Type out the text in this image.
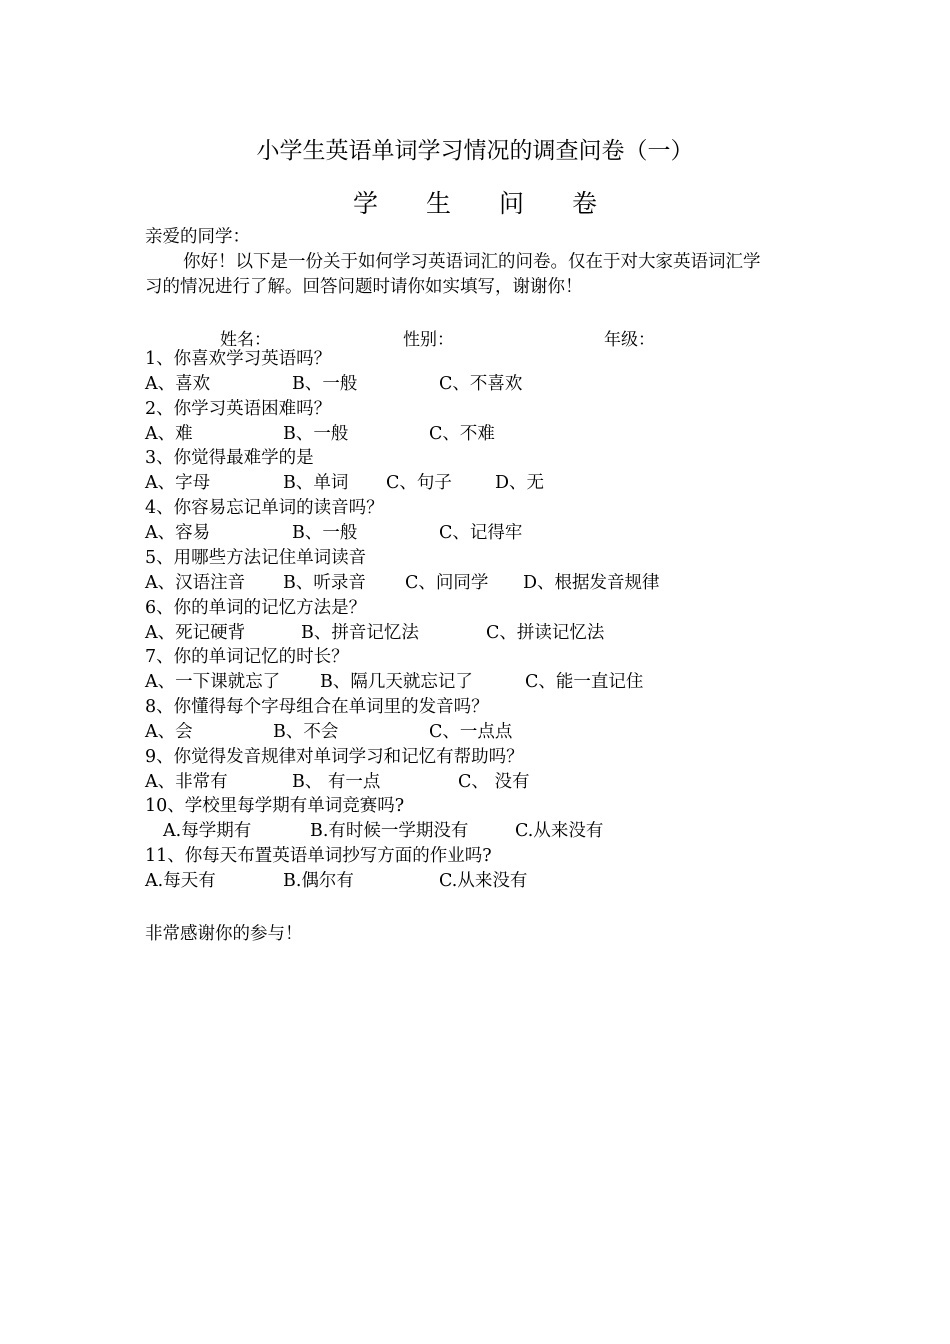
小学生英语单词学习情况的调查问卷（一）
学 生 问 卷
亲爱的同学：
你好！以下是一份关于如何学习英语词汇的问卷。仅在于对大家英语词汇学
习的情况进行了解。回答问题时请你如实填写，谢谢你！
姓名：	性别：	年级：
1、你喜欢学习英语吗？
A、喜欢	B、一般	C、不喜欢
2、你学习英语困难吗？
A、难	B、一般	C、不难
3、你觉得最难学的是
A、字母	B、单词 C、句子 D、无
4、你容易忘记单词的读音吗？
A、容易	B、一般	C、记得牢
5、用哪些方法记住单词读音
A、汉语注音 B、听录音 C、问同学 D、根据发音规律
6、你的单词的记忆方法是？
A、死记硬背	B、拼音记忆法	C、拼读记忆法
7、你的单词记忆的时长？
A、一下课就忘了 B、隔几天就忘记了	C、能一直记住
8、你懂得每个字母组合在单词里的发音吗？
A、会	B、不会	C、一点点
9、你觉得发音规律对单词学习和记忆有帮助吗？
A、非常有	B、 有一点	C、 没有
10、学校里每学期有单词竞赛吗?
A.每学期有	B.有时候一学期没有	C.从来没有
11、你每天布置英语单词抄写方面的作业吗?
A.每天有	B.偶尔有	C.从来没有
非常感谢你的参与！
